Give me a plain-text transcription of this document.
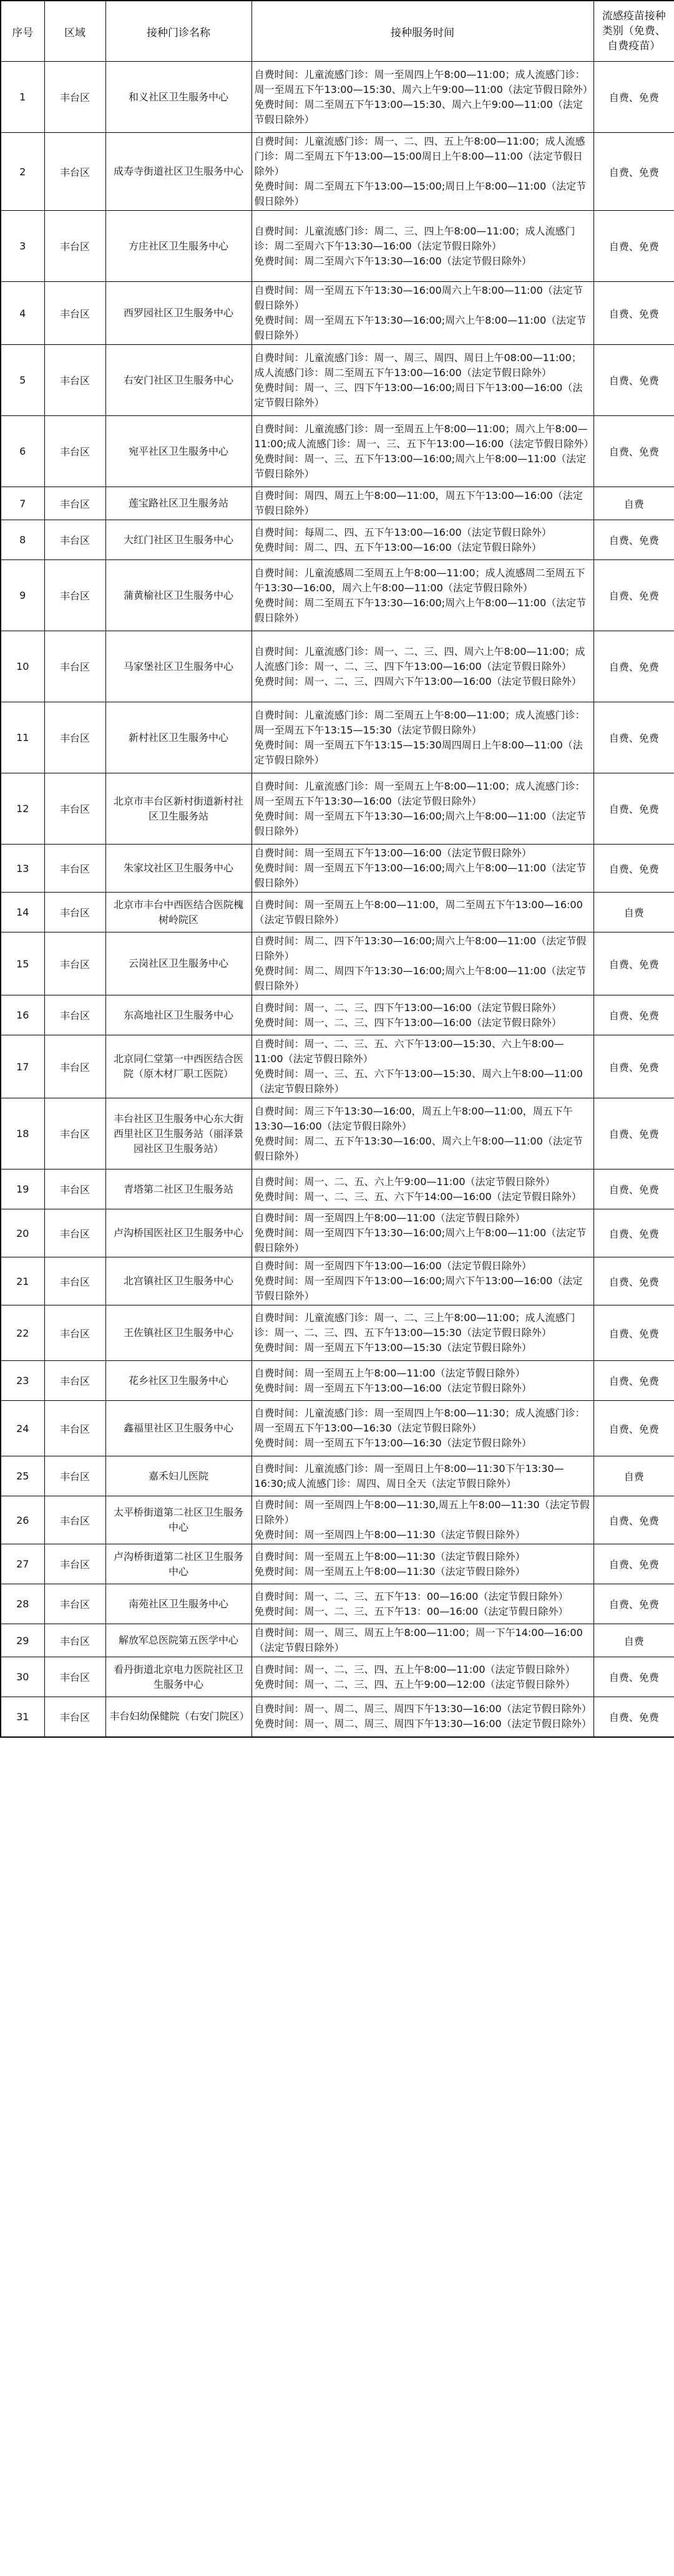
序号	区域	接种门诊名称	接种服务时间	流感疫苗接种类别（免费、自费疫苗）
1	丰台区	和义社区卫生服务中心	自费时间：儿童流感门诊：周一至周四上午8:00—11:00；成人流感门诊：周一至周五下午13:00—15:30、周六上午9:00—11:00（法定节假日除外）
免费时间：周二至周五下午13:00—15:30、周六上午9:00—11:00（法定节假日除外）	自费、免费
2	丰台区	成寿寺街道社区卫生服务中心	自费时间：儿童流感门诊：周一、二、四、五上午8:00—11:00；成人流感门诊：周二至周五下午13:00—15:00周日上午8:00—11:00（法定节假日除外）
免费时间：周二至周五下午13:00—15:00;周日上午8:00—11:00（法定节假日除外）	自费、免费
3	丰台区	方庄社区卫生服务中心	自费时间：儿童流感门诊：周二、三、四上午8:00—11:00；成人流感门诊：周二至周六下午13:30—16:00（法定节假日除外）
免费时间：周二至周六下午13:30—16:00（法定节假日除外）	自费、免费
4	丰台区	西罗园社区卫生服务中心	自费时间：周一至周五下午13:30—16:00周六上午8:00—11:00（法定节假日除外）
免费时间：周一至周五下午13:30—16:00;周六上午8:00—11:00（法定节假日除外）	自费、免费
5	丰台区	右安门社区卫生服务中心	自费时间：儿童流感门诊：周一、周三、周四、周日上午08:00—11:00；成人流感门诊：周二至周五下午13:00—16:00（法定节假日除外）
免费时间：周一、三、四下午13:00—16:00;周日下午13:00—16:00（法定节假日除外）	自费、免费
6	丰台区	宛平社区卫生服务中心	自费时间：儿童流感门诊：周一至周五上午8:00—11:00；周六上午8:00—11:00;成人流感门诊：周一、三、五下午13:00—16:00（法定节假日除外）
免费时间：周一、三、五下午13:00—16:00;周六上午8:00—11:00（法定节假日除外）	自费、免费
7	丰台区	莲宝路社区卫生服务站	自费时间：周四、周五上午8:00—11:00，周五下午13:00—16:00（法定节假日除外）	自费
8	丰台区	大红门社区卫生服务中心	自费时间：每周二、四、五下午13:00—16:00（法定节假日除外）
免费时间：周二、四、五下午13:00—16:00（法定节假日除外）	自费、免费
9	丰台区	蒲黄榆社区卫生服务中心	自费时间：儿童流感周二至周五上午8:00—11:00；成人流感周二至周五下午13:30—16:00，周六上午8:00—11:00（法定节假日除外）
免费时间：周二至周五下午13:30—16:00;周六上午8:00—11:00（法定节假日除外）	自费、免费
10	丰台区	马家堡社区卫生服务中心	自费时间：儿童流感门诊：周一、二、三、四、周六上午8:00—11:00；成人流感门诊：周一、二、三、四下午13:00—16:00（法定节假日除外）
免费时间：周一、二、三、四周六下午13:00—16:00（法定节假日除外）	自费、免费
11	丰台区	新村社区卫生服务中心	自费时间：儿童流感门诊：周二至周五上午8:00—11:00；成人流感门诊：周一至周五下午13:15—15:30（法定节假日除外）
免费时间：周一至周五下午13:15—15:30周四周日上午8:00—11:00（法定节假日除外）	自费、免费
12	丰台区	北京市丰台区新村街道新村社区卫生服务站	自费时间：儿童流感门诊：周一至周五上午8:00—11:00；成人流感门诊：周一至周五下午13:30—16:00（法定节假日除外）
免费时间：周一至周五下午13:30—16:00;周六上午8:00—11:00（法定节假日除外）	自费、免费
13	丰台区	朱家坟社区卫生服务中心	自费时间：周一至周五下午13:00—16:00（法定节假日除外）
免费时间：周一至周五下午13:00—16:00;周六上午8:00—11:00（法定节假日除外）	自费、免费
14	丰台区	北京市丰台中西医结合医院槐树岭院区	自费时间：周一至周五上午8:00—11:00，周二至周五下午13:00—16:00（法定节假日除外）	自费
15	丰台区	云岗社区卫生服务中心	自费时间：周二、四下午13:30—16:00;周六上午8:00—11:00（法定节假日除外）
免费时间：周二、周四下午13:30—16:00;周六上午8:00—11:00（法定节假日除外）	自费、免费
16	丰台区	东高地社区卫生服务中心	自费时间：周一、二、三、四下午13:00—16:00（法定节假日除外）
免费时间：周一、二、三、四下午13:00—16:00（法定节假日除外）	自费、免费
17	丰台区	北京同仁堂第一中西医结合医院（原木材厂职工医院）	自费时间：周一、二、三、五、六下午13:00—15:30、六上午8:00—11:00（法定节假日除外）
免费时间：周一、三、五、六下午13:00—15:30、周六上午8:00—11:00（法定节假日除外）	自费、免费
18	丰台区	丰台社区卫生服务中心东大街西里社区卫生服务站（丽泽景园社区卫生服务站）	自费时间：周三下午13:30—16:00，周五上午8:00—11:00，周五下午13:30—16:00（法定节假日除外）
免费时间：周二、五下午13:30—16:00、周六上午8:00—11:00（法定节假日除外）	自费、免费
19	丰台区	青塔第二社区卫生服务站	自费时间：周一、二、五、六上午9:00—11:00（法定节假日除外）
免费时间：周一、二、三、五、六下午14:00—16:00（法定节假日除外）	自费、免费
20	丰台区	卢沟桥国医社区卫生服务中心	自费时间：周一至周四上午8:00—11:00（法定节假日除外）
免费时间：周一至周四下午13:30—16:00;周六上午8:00—11:00（法定节假日除外）	自费、免费
21	丰台区	北宫镇社区卫生服务中心	自费时间：周一至周四下午13:00—16:00（法定节假日除外）
免费时间：周一至周四下午13:00—16:00;周六下午13:00—16:00（法定节假日除外）	自费、免费
22	丰台区	王佐镇社区卫生服务中心	自费时间：儿童流感门诊：周一、二、三上午8:00—11:00；成人流感门诊：周一、二、三、四、五下午13:00—15:30（法定节假日除外）
免费时间：周一至周五下午13:00—15:30（法定节假日除外）	自费、免费
23	丰台区	花乡社区卫生服务中心	自费时间：周一至周五上午8:00—11:00（法定节假日除外）
免费时间：周一至周五下午13:00—16:00（法定节假日除外）	自费、免费
24	丰台区	鑫福里社区卫生服务中心	自费时间：儿童流感门诊：周一至周四上午8:00—11:30；成人流感门诊：周一至周五下午13:00—16:30（法定节假日除外）
免费时间：周一至周五下午13:00—16:30（法定节假日除外）	自费、免费
25	丰台区	嘉禾妇儿医院	自费时间：儿童流感门诊：周一至周日上午8:00—11:30下午13:30—16:30;成人流感门诊：周四、周日全天（法定节假日除外）	自费
26	丰台区	太平桥街道第二社区卫生服务中心	自费时间：周一至周四上午8:00—11:30,周五上午8:00—11:30（法定节假日除外）
免费时间：周一至周四上午8:00—11:30（法定节假日除外）	自费、免费
27	丰台区	卢沟桥街道第二社区卫生服务中心	自费时间：周一至周五上午8:00—11:30（法定节假日除外）
免费时间：周一至周五上午8:00—11:30（法定节假日除外）	自费、免费
28	丰台区	南苑社区卫生服务中心	自费时间：周一、二、三、五下午13：00—16:00（法定节假日除外）
免费时间：周一、二、三、五下午13：00—16:00（法定节假日除外）	自费、免费
29	丰台区	解放军总医院第五医学中心	自费时间：周一、周三、周五上午8:00—11:00；周一下午14:00—16:00（法定节假日除外）	自费
30	丰台区	看丹街道北京电力医院社区卫生服务中心	自费时间：周一、二、三、四、五上午8:00—11:00（法定节假日除外）
免费时间：周一、二、三、四、五上午9:00—12:00（法定节假日除外）	自费、免费
31	丰台区	丰台妇幼保健院（右安门院区）	自费时间：周一、周二、周三、周四下午13:30—16:00（法定节假日除外）
免费时间：周一、周二、周三、周四下午13:30—16:00（法定节假日除外）	自费、免费
